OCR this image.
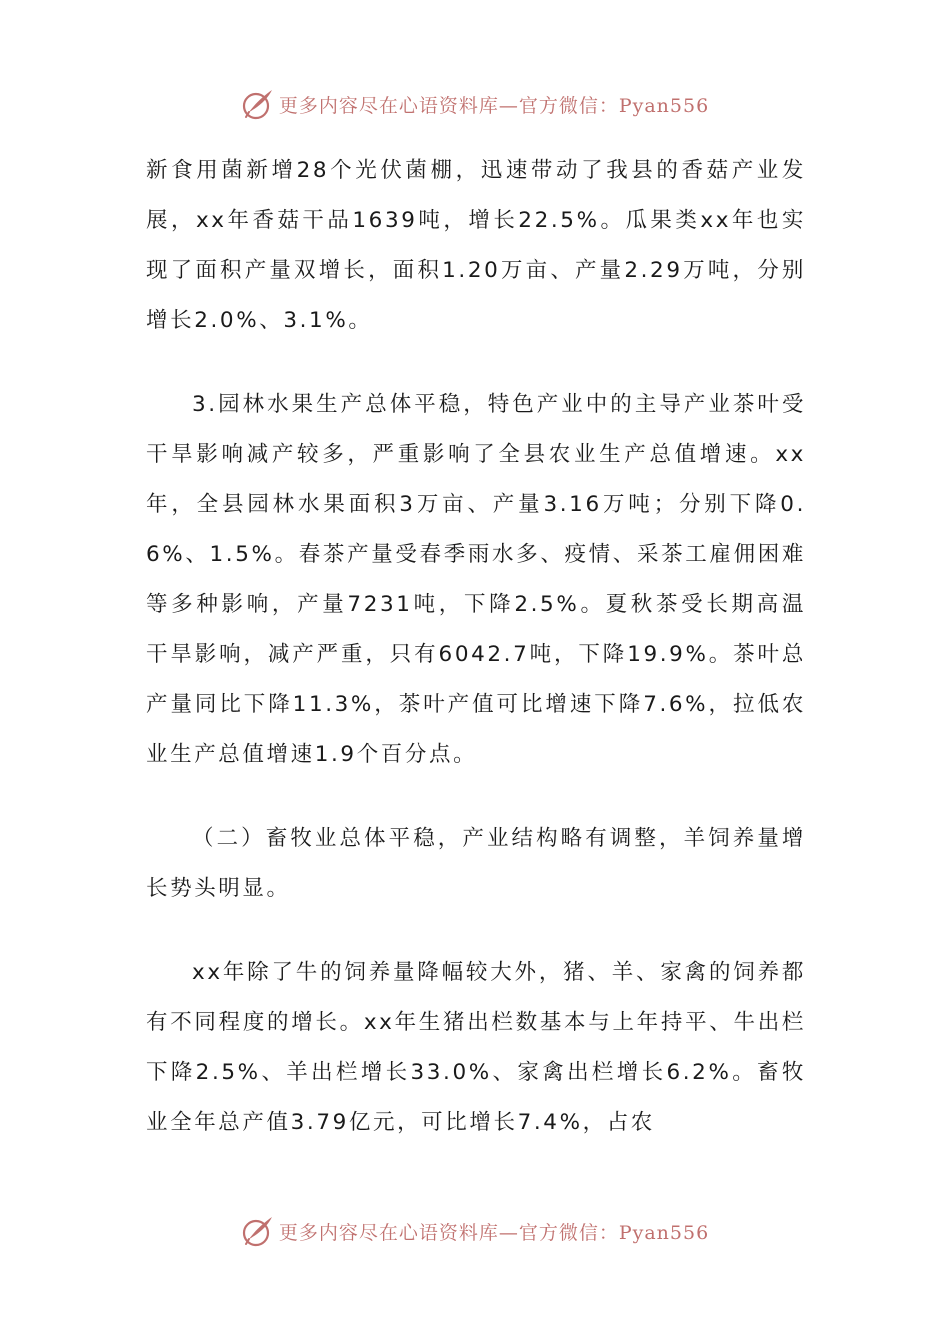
更多内容尽在心语资料库—官方微信：Pyan556

新食用菌新增28个光伏菌棚，迅速带动了我县的香菇产业发展，xx年香菇干品1639吨，增长22.5%。瓜果类xx年也实现了面积产量双增长，面积1.20万亩、产量2.29万吨，分别增长2.0%、3.1%。

3.园林水果生产总体平稳，特色产业中的主导产业茶叶受干旱影响减产较多，严重影响了全县农业生产总值增速。xx年，全县园林水果面积3万亩、产量3.16万吨；分别下降0.6%、1.5%。春茶产量受春季雨水多、疫情、采茶工雇佣困难等多种影响，产量7231吨，下降2.5%。夏秋茶受长期高温干旱影响，减产严重，只有6042.7吨，下降19.9%。茶叶总产量同比下降11.3%，茶叶产值可比增速下降7.6%，拉低农业生产总值增速1.9个百分点。

（二）畜牧业总体平稳，产业结构略有调整，羊饲养量增长势头明显。

xx年除了牛的饲养量降幅较大外，猪、羊、家禽的饲养都有不同程度的增长。xx年生猪出栏数基本与上年持平、牛出栏下降2.5%、羊出栏增长33.0%、家禽出栏增长6.2%。畜牧业全年总产值3.79亿元，可比增长7.4%，占农

更多内容尽在心语资料库—官方微信：Pyan556
